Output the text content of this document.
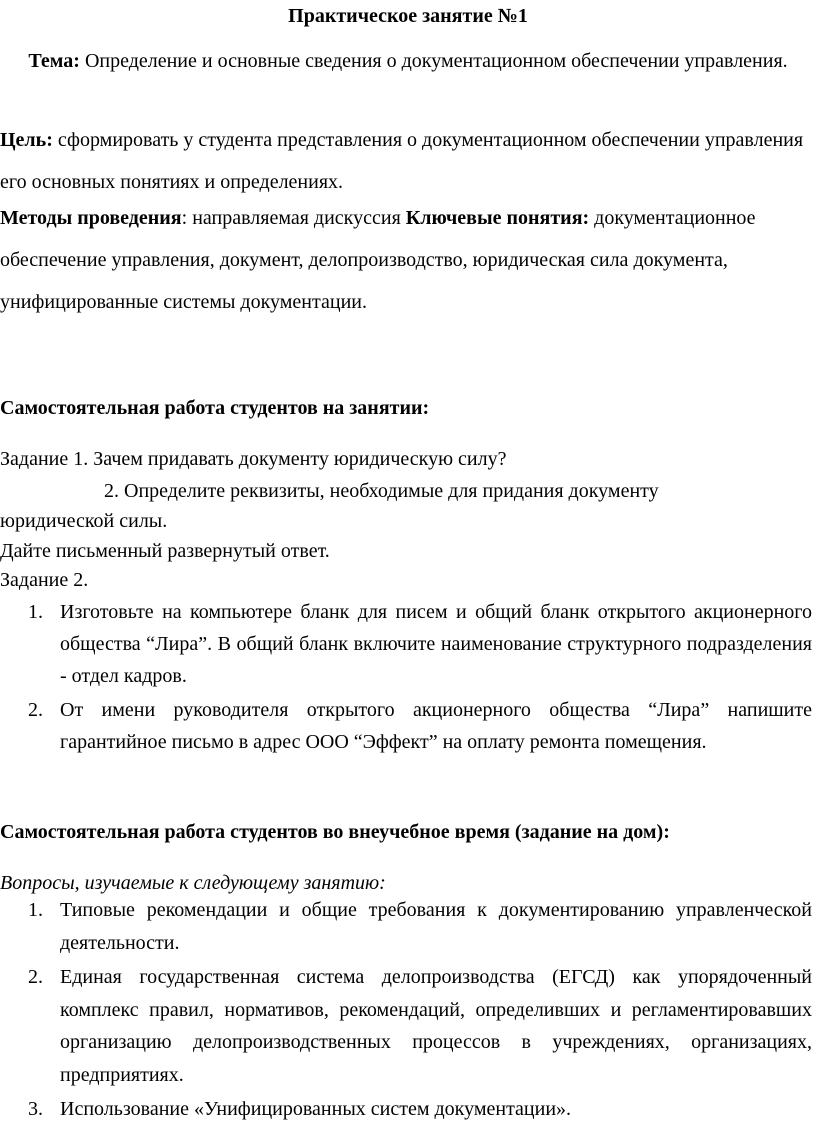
Практическое занятие №1
Тема: Определение и основные сведения о документационном обеспечении управления.
Цель: сформировать у студента представления о документационном обеспечении управления его основных понятиях и определениях.
Методы проведения: направляемая дискуссия Ключевые понятия: документационное обеспечение управления, документ, делопроизводство, юридическая сила документа, унифицированные системы документации.
Самостоятельная работа студентов на занятии:
Задание 1. Зачем придавать документу юридическую силу?
2. Определите реквизиты, необходимые для придания документу
юридической силы.
Дайте письменный развернутый ответ.
Задание 2.
1. Изготовьте на компьютере бланк для писем и общий бланк открытого акционерного общества “Лира”. В общий бланк включите наименование структурного подразделения - отдел кадров.
2. От имени руководителя открытого акционерного общества “Лира” напишите гарантийное письмо в адрес ООО “Эффект” на оплату ремонта помещения.
Самостоятельная работа студентов во внеучебное время (задание на дом):
Вопросы, изучаемые к следующему занятию:
1. Типовые рекомендации и общие требования к документированию управленческой деятельности.
2. Единая государственная система делопроизводства (ЕГСД) как упорядоченный комплекс правил, нормативов, рекомендаций, определивших и регламентировавших организацию делопроизводственных процессов в учреждениях, организациях, предприятиях.
3. Использование «Унифицированных систем документации».
